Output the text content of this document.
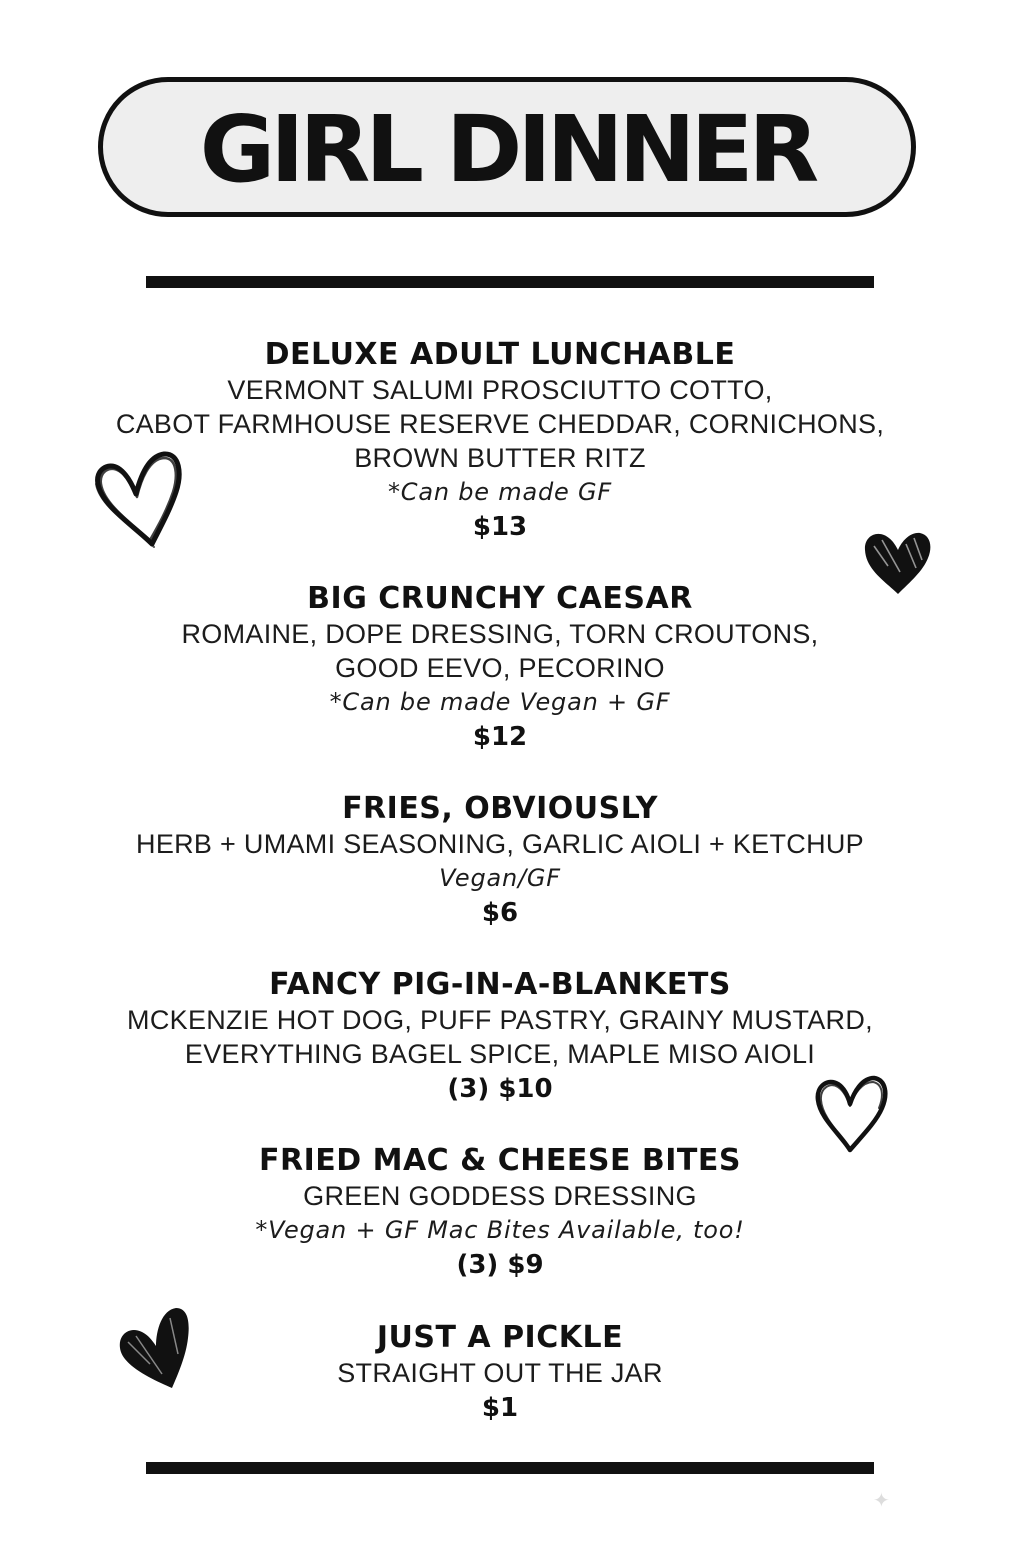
GIRL DINNER
DELUXE ADULT LUNCHABLE
VERMONT SALUMI PROSCIUTTO COTTO,
CABOT FARMHOUSE RESERVE CHEDDAR, CORNICHONS,
BROWN BUTTER RITZ
*Can be made GF
$13
BIG CRUNCHY CAESAR
ROMAINE, DOPE DRESSING, TORN CROUTONS,
GOOD EEVO, PECORINO
*Can be made Vegan + GF
$12
FRIES, OBVIOUSLY
HERB + UMAMI SEASONING, GARLIC AIOLI + KETCHUP
Vegan/GF
$6
FANCY PIG-IN-A-BLANKETS
MCKENZIE HOT DOG, PUFF PASTRY, GRAINY MUSTARD,
EVERYTHING BAGEL SPICE, MAPLE MISO AIOLI
(3) $10
FRIED MAC & CHEESE BITES
GREEN GODDESS DRESSING
*Vegan + GF Mac Bites Available, too!
(3) $9
JUST A PICKLE
STRAIGHT OUT THE JAR
$1
✦
